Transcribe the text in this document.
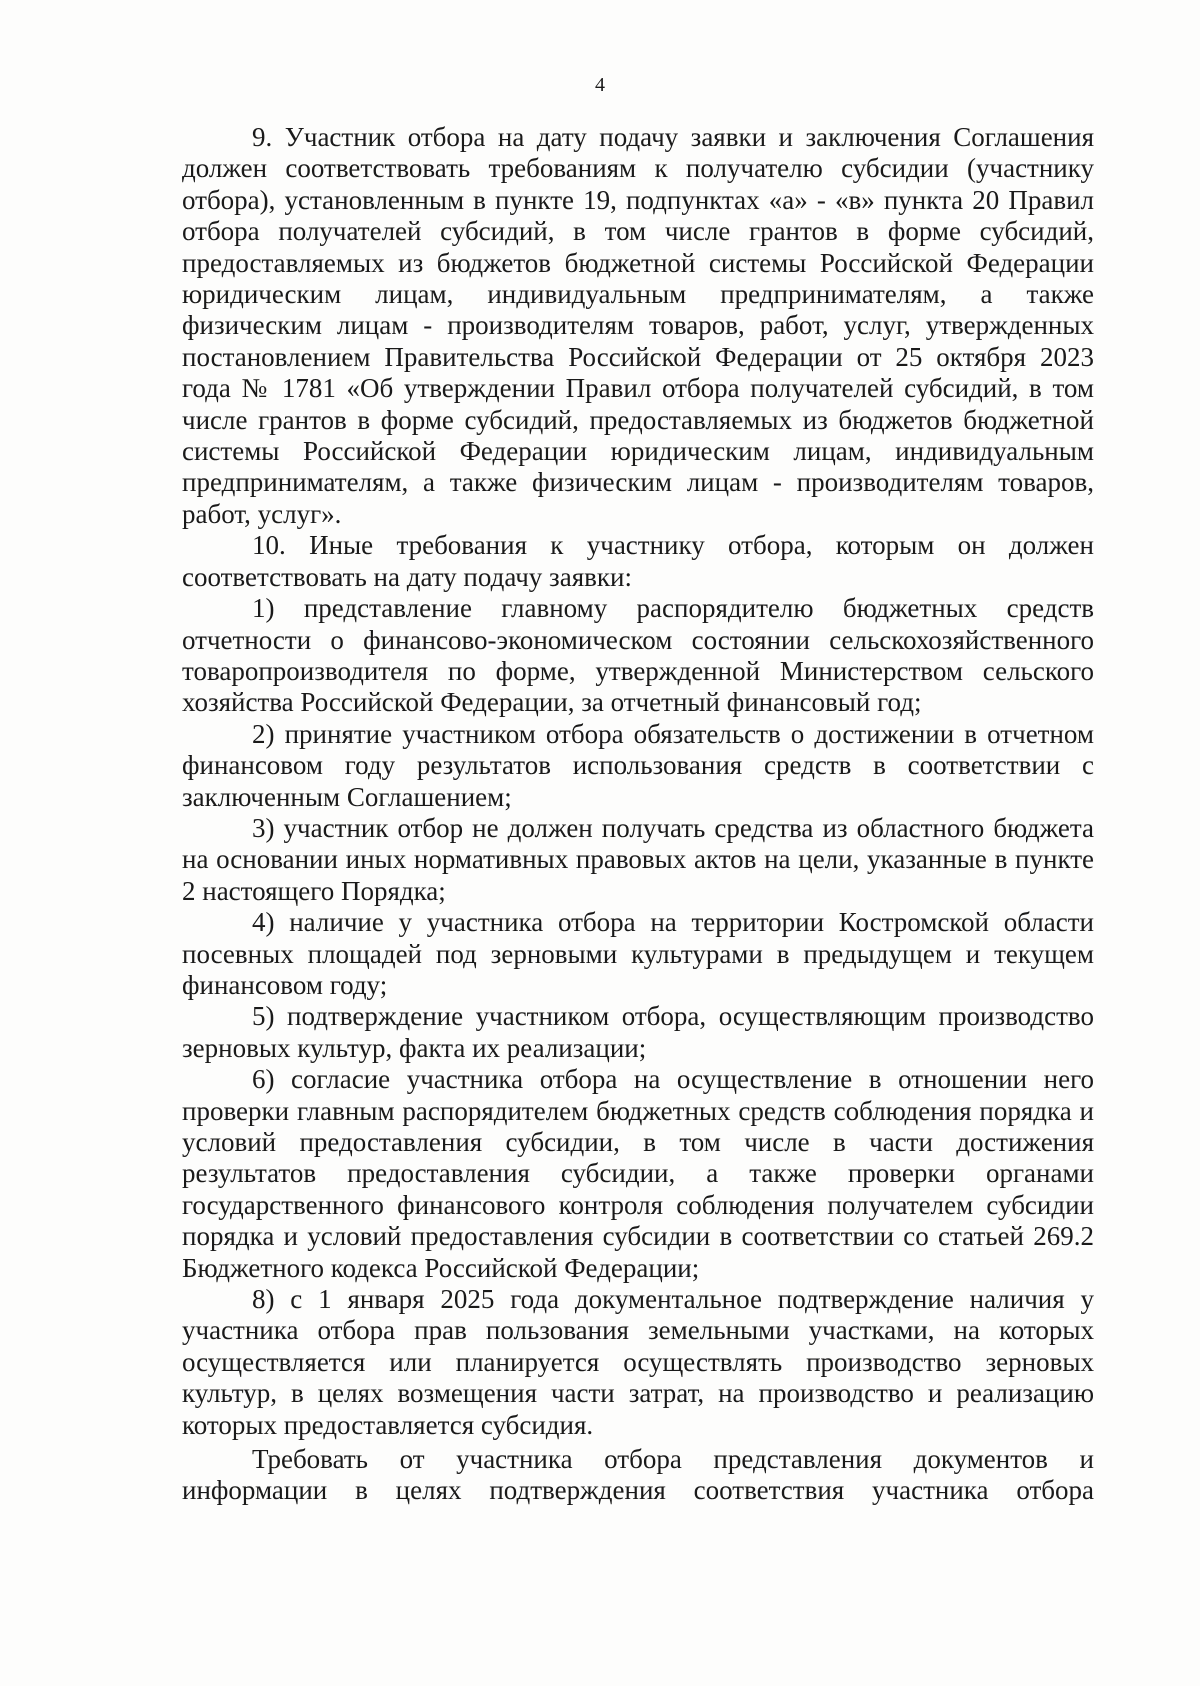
4

9. Участник отбора на дату подачу заявки и заключения Соглашения должен соответствовать требованиям к получателю субсидии (участнику отбора), установленным в пункте 19, подпунктах «а» - «в» пункта 20 Правил отбора получателей субсидий, в том числе грантов в форме субсидий, предоставляемых из бюджетов бюджетной системы Российской Федерации юридическим лицам, индивидуальным предпринимателям, а также физическим лицам - производителям товаров, работ, услуг, утвержденных постановлением Правительства Российской Федерации от 25 октября 2023 года № 1781 «Об утверждении Правил отбора получателей субсидий, в том числе грантов в форме субсидий, предоставляемых из бюджетов бюджетной системы Российской Федерации юридическим лицам, индивидуальным предпринимателям, а также физическим лицам - производителям товаров, работ, услуг».

10. Иные требования к участнику отбора, которым он должен соответствовать на дату подачу заявки:

1) представление главному распорядителю бюджетных средств отчетности о финансово-экономическом состоянии сельскохозяйственного товаропроизводителя по форме, утвержденной Министерством сельского хозяйства Российской Федерации, за отчетный финансовый год;

2) принятие участником отбора обязательств о достижении в отчетном финансовом году результатов использования средств в соответствии с заключенным Соглашением;

3) участник отбор не должен получать средства из областного бюджета на основании иных нормативных правовых актов на цели, указанные в пункте 2 настоящего Порядка;

4) наличие у участника отбора на территории Костромской области посевных площадей под зерновыми культурами в предыдущем и текущем финансовом году;

5) подтверждение участником отбора, осуществляющим производство зерновых культур, факта их реализации;

6) согласие участника отбора на осуществление в отношении него проверки главным распорядителем бюджетных средств соблюдения порядка и условий предоставления субсидии, в том числе в части достижения результатов предоставления субсидии, а также проверки органами государственного финансового контроля соблюдения получателем субсидии порядка и условий предоставления субсидии в соответствии со статьей 269.2 Бюджетного кодекса Российской Федерации;

8) с 1 января 2025 года документальное подтверждение наличия у участника отбора прав пользования земельными участками, на которых осуществляется или планируется осуществлять производство зерновых культур, в целях возмещения части затрат, на производство и реализацию которых предоставляется субсидия.

Требовать от участника отбора представления документов и информации в целях подтверждения соответствия участника отбора
